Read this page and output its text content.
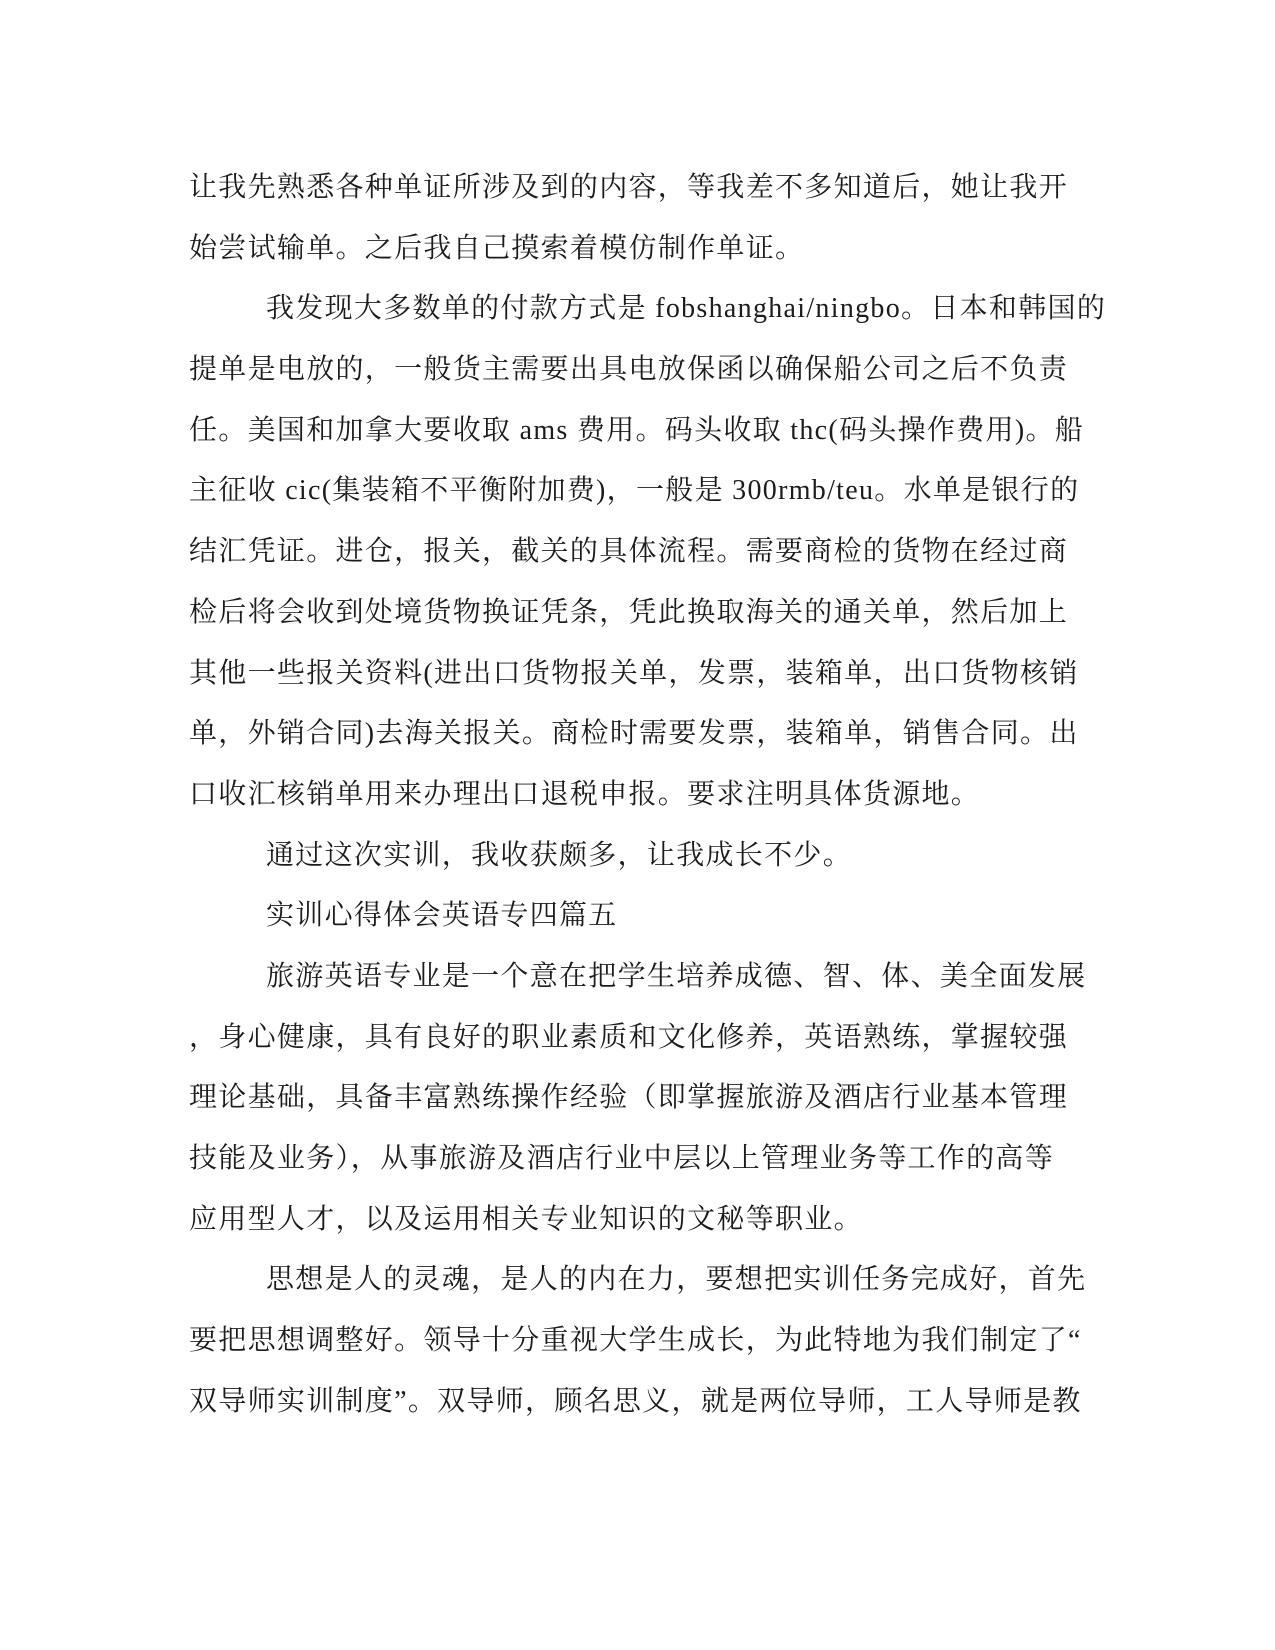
让我先熟悉各种单证所涉及到的内容，等我差不多知道后，她让我开
始尝试输单。之后我自己摸索着模仿制作单证。
我发现大多数单的付款方式是 fobshanghai/ningbo。日本和韩国的
提单是电放的，一般货主需要出具电放保函以确保船公司之后不负责
任。美国和加拿大要收取 ams 费用。码头收取 thc(码头操作费用)。船
主征收 cic(集装箱不平衡附加费)，一般是 300rmb/teu。水单是银行的
结汇凭证。进仓，报关，截关的具体流程。需要商检的货物在经过商
检后将会收到处境货物换证凭条，凭此换取海关的通关单，然后加上
其他一些报关资料(进出口货物报关单，发票，装箱单，出口货物核销
单，外销合同)去海关报关。商检时需要发票，装箱单，销售合同。出
口收汇核销单用来办理出口退税申报。要求注明具体货源地。
通过这次实训，我收获颇多，让我成长不少。
实训心得体会英语专四篇五
旅游英语专业是一个意在把学生培养成德、智、体、美全面发展
，身心健康，具有良好的职业素质和文化修养，英语熟练，掌握较强
理论基础，具备丰富熟练操作经验（即掌握旅游及酒店行业基本管理
技能及业务），从事旅游及酒店行业中层以上管理业务等工作的高等
应用型人才，以及运用相关专业知识的文秘等职业。
思想是人的灵魂，是人的内在力，要想把实训任务完成好，首先
要把思想调整好。领导十分重视大学生成长，为此特地为我们制定了“
双导师实训制度”。双导师，顾名思义，就是两位导师，工人导师是教
